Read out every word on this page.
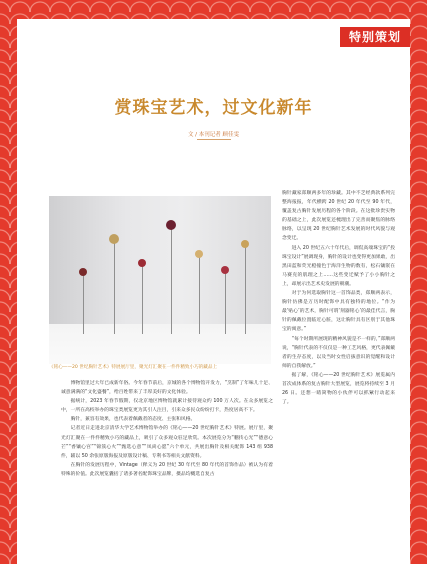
特别策划
赏珠宝艺术，过文化新年
文 / 本刊记者 顾佳雯
《铭心——20 世纪胸针艺术》特展展厅里，聚光灯汇聚在一件件精致小巧的藏品上

博物馆里过大年已成新年俗。今年春节前后，京城的各个博物馆开发力，“烹制”了年味儿十足、诚意满满的“文化盛餐”，给百姓带来了丰厚美好的文化体验。

据统计，2023 年春节假期，仅北京地区博物馆就累计接待观众约 100 万人次。在众多展览之中，一所在高校举办的珠宝类展览更为其引人注目，引来众多民众纷纷打卡，热度居高不下。

胸针，兼容有效果，也代表着佩戴者的态度、主张和风格。

记者近日走进北京清华大学艺术博物馆举办的《铭心——20 世纪胸针艺术》特展。展厅里，聚光灯汇聚在一件件精致小巧的藏品上，吸引了众多观众驻足欣赏。本次展览分为“鹏抟心光”“德意心芒”“香镶心宫”“锦簇心火”“甄选心意”“凤尚心愿”六个单元，共展出胸针及相关配饰 143 组 938 件，辅以 50 余张原版海报及原版设计稿、专利书等相关文献资料。

在胸针的发展历程中，Vintage（释义为 20 世纪 30 年代至 80 年代的首饰作品）被认为有着特殊的价值。此次展览囊括了诸多著名配饰珠宝品牌，摄品均概选自复古

胸针藏家郑顺两多年的珍藏。其中不乏经典款系列完整海报报，年代横跨 20 世纪 20 年代至 90 年代，覆盖复古胸针发展历程的各个阶段。在这批珍贵实物的基础之上，此次展览还梳理出了完善而聚焦的脉络脉络，以呈现 20 世纪胸针艺术发展的时代风貌与观念变迁。

进入 20 世纪五六十年代后，调侃高端珠宝的“投珠宝设计”展调现身，胸针的设计也变得更加果敢，出黑田蓝和荧光橙撞色于海洋生物的数有，松石镶嵌在马赛克的肌理之上……这些变迁赋予了小小胸针之上，却展示出艺术史发展的朝潮。

对于为何选取胸针这一首饰品类，郑顺两表示，胸针仿佛是万历时配饰中具有独特的地位。“作为最‘贴心’的艺术，胸针可谓‘刻器铭心’的最佳代言，胸针的佩戴位置临近心脏，这让胸针具有区别于其他珠宝的寓意。”

“每个时期所展现的精神风貌是不一样的，”郑顺两说，“胸针代表的不仅仅是一种工艺风格，更代表佩戴者的生存态度，以及当时女性启拔意识的觉醒和设计师的自我解放。”

据了解，《铭心——20 世纪胸针艺术》展览属内首次成体系的复古胸针大型展览，展览将持续至 3 月 26 日。还想一睹简物的小伙伴可以抓紧行动起来了。
